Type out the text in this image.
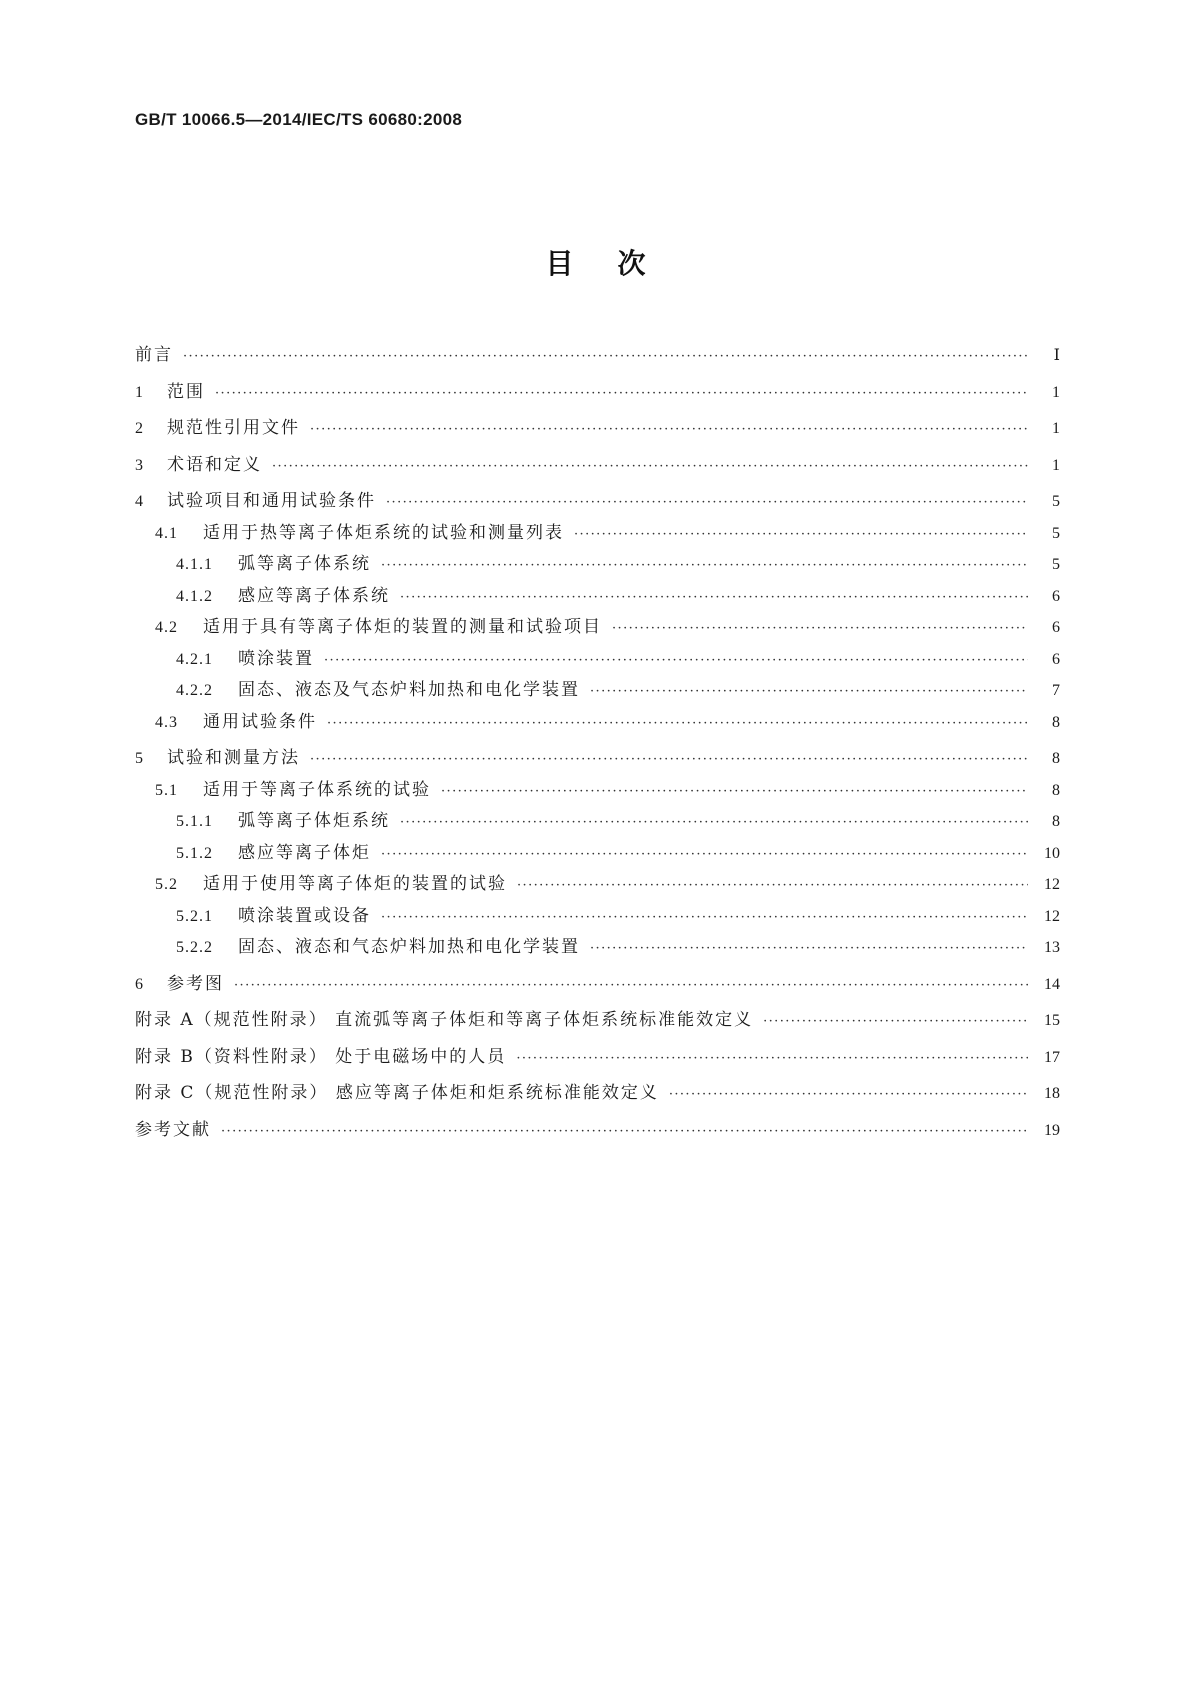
GB/T 10066.5—2014/IEC/TS 60680:2008
目次
前言 ·····	Ⅰ
1	范围 ·····	1
2	规范性引用文件 ·····	1
3	术语和定义 ·····	1
4	试验项目和通用试验条件 ·····	5
4.1	适用于热等离子体炬系统的试验和测量列表 ·····	5
4.1.1	弧等离子体系统 ·····	5
4.1.2	感应等离子体系统 ·····	6
4.2	适用于具有等离子体炬的装置的测量和试验项目 ·····	6
4.2.1	喷涂装置 ·····	6
4.2.2	固态、液态及气态炉料加热和电化学装置 ·····	7
4.3	通用试验条件 ·····	8
5	试验和测量方法 ·····	8
5.1	适用于等离子体系统的试验 ·····	8
5.1.1	弧等离子体炬系统 ·····	8
5.1.2	感应等离子体炬 ·····	10
5.2	适用于使用等离子体炬的装置的试验 ·····	12
5.2.1	喷涂装置或设备 ·····	12
5.2.2	固态、液态和气态炉料加热和电化学装置 ·····	13
6	参考图 ·····	14
附录 A（规范性附录） 直流弧等离子体炬和等离子体炬系统标准能效定义 ·····	15
附录 B（资料性附录） 处于电磁场中的人员 ·····	17
附录 C（规范性附录） 感应等离子体炬和炬系统标准能效定义 ·····	18
参考文献 ·····	19
